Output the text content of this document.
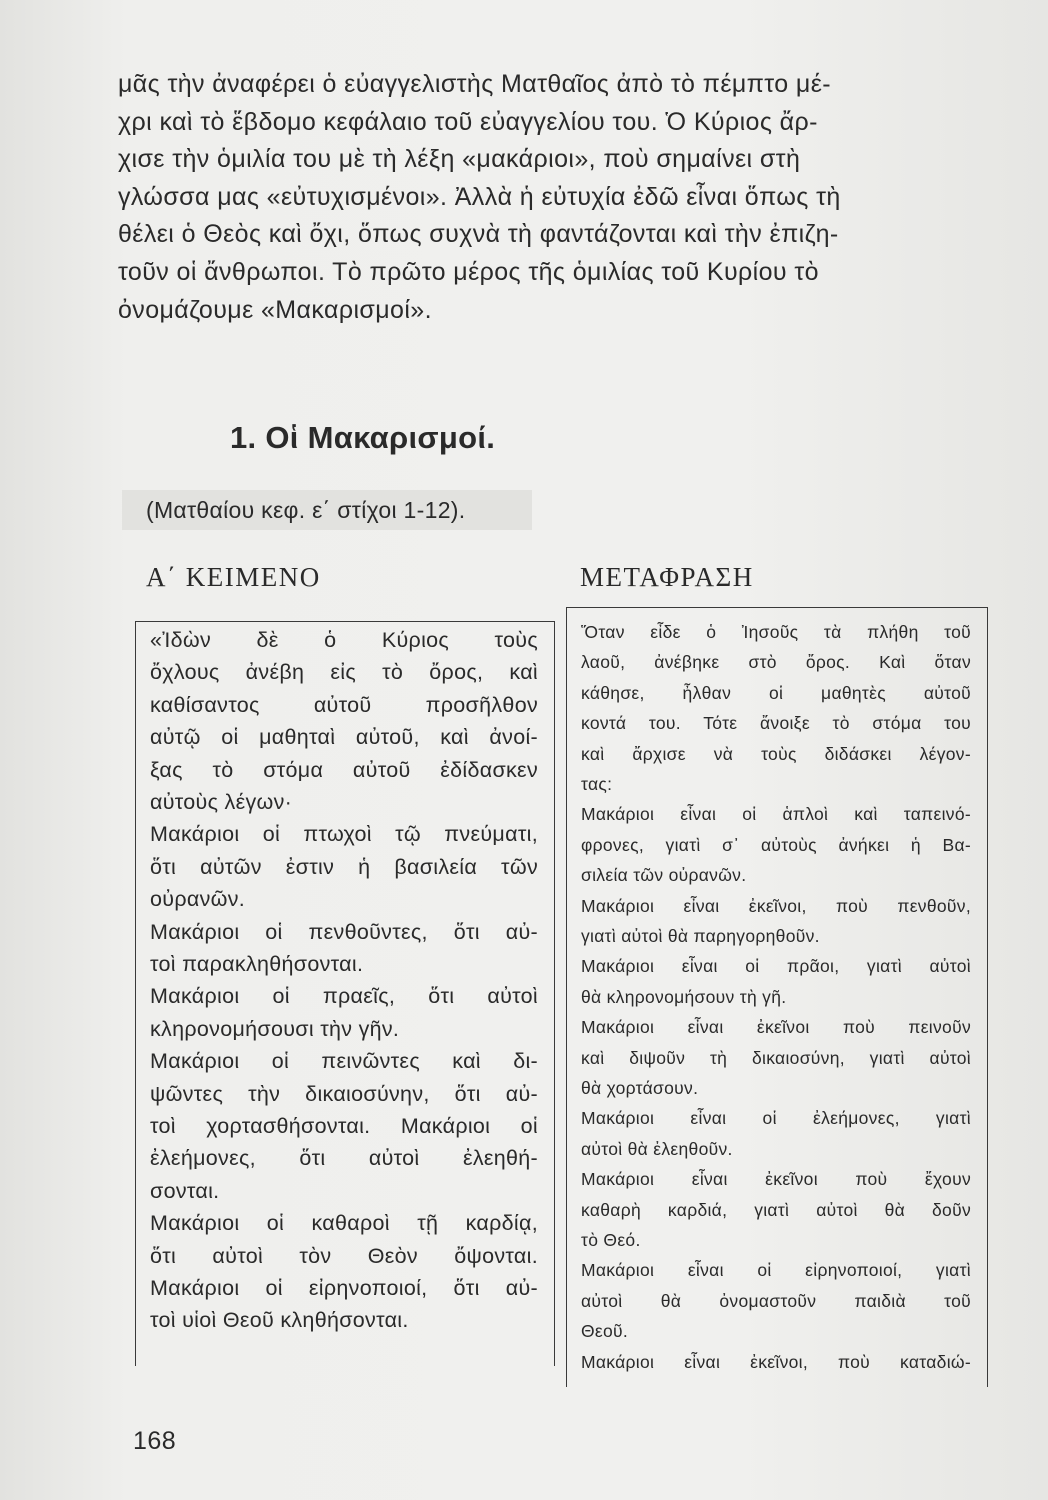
μᾶς τὴν ἀναφέρει ὁ εὐαγγελιστὴς Ματθαῖος ἀπὸ τὸ πέμπτο μέ-
χρι καὶ τὸ ἕβδομο κεφάλαιο τοῦ εὐαγγελίου του. Ὁ Κύριος ἄρ-
χισε τὴν ὁμιλία του μὲ τὴ λέξη «μακάριοι», ποὺ σημαίνει στὴ
γλώσσα μας «εὐτυχισμένοι». Ἀλλὰ ἡ εὐτυχία ἐδῶ εἶναι ὅπως τὴ
θέλει ὁ Θεὸς καὶ ὄχι, ὅπως συχνὰ τὴ φαντάζονται καὶ τὴν ἐπιζη-
τοῦν οἱ ἄνθρωποι. Τὸ πρῶτο μέρος τῆς ὁμιλίας τοῦ Κυρίου τὸ
ὀνομάζουμε «Μακαρισμοί».
1. Οἱ Μακαρισμοί.
(Ματθαίου κεφ. ε΄ στίχοι 1-12).
Α΄ ΚΕΙΜΕΝΟ	ΜΕΤΑΦΡΑΣΗ
«Ἰδὼν δὲ ὁ Κύριος τοὺς
ὄχλους ἀνέβη εἰς τὸ ὄρος, καὶ
καθίσαντος αὐτοῦ προσῆλθον
αὐτῷ οἱ μαθηταὶ αὐτοῦ, καὶ ἀνοί-
ξας τὸ στόμα αὐτοῦ ἐδίδασκεν
αὐτοὺς λέγων·
Μακάριοι οἱ πτωχοὶ τῷ πνεύματι,
ὅτι αὐτῶν ἐστιν ἡ βασιλεία τῶν
οὐρανῶν.
Μακάριοι οἱ πενθοῦντες, ὅτι αὐ-
τοὶ παρακληθήσονται.
Μακάριοι οἱ πραεῖς, ὅτι αὐτοὶ
κληρονομήσουσι τὴν γῆν.
Μακάριοι οἱ πεινῶντες καὶ δι-
ψῶντες τὴν δικαιοσύνην, ὅτι αὐ-
τοὶ χορτασθήσονται. Μακάριοι οἱ
ἐλεήμονες, ὅτι αὐτοὶ ἐλεηθή-
σονται.
Μακάριοι οἱ καθαροὶ τῇ καρδίᾳ,
ὅτι αὐτοὶ τὸν Θεὸν ὄψονται.
Μακάριοι οἱ εἰρηνοποιοί, ὅτι αὐ-
τοὶ υἱοὶ Θεοῦ κληθήσονται.
Ὅταν εἶδε ὁ Ἰησοῦς τὰ πλήθη τοῦ
λαοῦ, ἀνέβηκε στὸ ὄρος. Καὶ ὅταν
κάθησε, ἦλθαν οἱ μαθητὲς αὐτοῦ
κοντά του. Τότε ἄνοιξε τὸ στόμα του
καὶ ἄρχισε νὰ τοὺς διδάσκει λέγον-
τας:
Μακάριοι εἶναι οἱ ἁπλοὶ καὶ ταπεινό-
φρονες, γιατὶ σ᾽ αὐτοὺς ἀνήκει ἡ Βα-
σιλεία τῶν οὐρανῶν.
Μακάριοι εἶναι ἐκεῖνοι, ποὺ πενθοῦν,
γιατὶ αὐτοὶ θὰ παρηγορηθοῦν.
Μακάριοι εἶναι οἱ πρᾶοι, γιατὶ αὐτοὶ
θὰ κληρονομήσουν τὴ γῆ.
Μακάριοι εἶναι ἐκεῖνοι ποὺ πεινοῦν
καὶ διψοῦν τὴ δικαιοσύνη, γιατὶ αὐτοὶ
θὰ χορτάσουν.
Μακάριοι εἶναι οἱ ἐλεήμονες, γιατὶ
αὐτοὶ θὰ ἐλεηθοῦν.
Μακάριοι εἶναι ἐκεῖνοι ποὺ ἔχουν
καθαρὴ καρδιά, γιατὶ αὐτοὶ θὰ δοῦν
τὸ Θεό.
Μακάριοι εἶναι οἱ εἰρηνοποιοί, γιατὶ
αὐτοὶ θὰ ὀνομαστοῦν παιδιὰ τοῦ
Θεοῦ.
Μακάριοι εἶναι ἐκεῖνοι, ποὺ καταδιώ-
168
